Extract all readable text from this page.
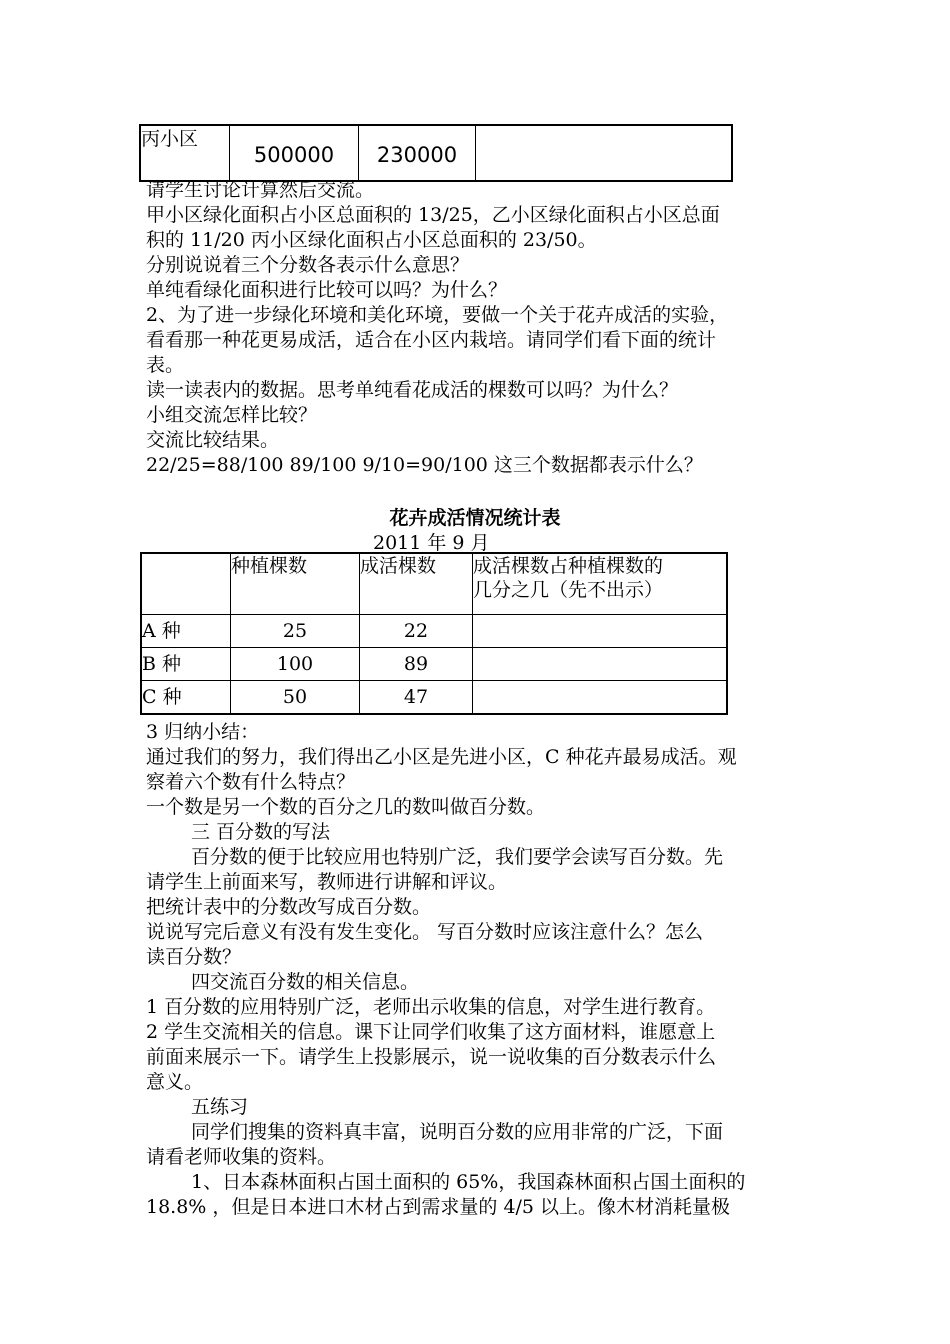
丙小区	500000	230000	
请学生讨论计算然后交流。
甲小区绿化面积占小区总面积的 13/25，乙小区绿化面积占小区总面
积的 11/20 丙小区绿化面积占小区总面积的 23/50。
分别说说着三个分数各表示什么意思？
单纯看绿化面积进行比较可以吗？为什么？
2、为了进一步绿化环境和美化环境，要做一个关于花卉成活的实验，
看看那一种花更易成活，适合在小区内栽培。请同学们看下面的统计
表。
读一读表内的数据。思考单纯看花成活的棵数可以吗？为什么？
小组交流怎样比较？
交流比较结果。
22/25=88/100 89/100 9/10=90/100 这三个数据都表示什么？
花卉成活情况统计表
2011 年 9 月
	种植棵数	成活棵数	成活棵数占种植棵数的
几分之几（先不出示）

A 种	25	22	
B 种	100	89	
C 种	50	47	
3 归纳小结：
通过我们的努力，我们得出乙小区是先进小区，C 种花卉最易成活。观
察着六个数有什么特点？
一个数是另一个数的百分之几的数叫做百分数。
三 百分数的写法
百分数的便于比较应用也特别广泛，我们要学会读写百分数。先
请学生上前面来写，教师进行讲解和评议。
把统计表中的分数改写成百分数。
说说写完后意义有没有发生变化。 写百分数时应该注意什么？怎么
读百分数？
四交流百分数的相关信息。
1 百分数的应用特别广泛，老师出示收集的信息，对学生进行教育。
2 学生交流相关的信息。课下让同学们收集了这方面材料，谁愿意上
前面来展示一下。请学生上投影展示，说一说收集的百分数表示什么
意义。
五练习
同学们搜集的资料真丰富，说明百分数的应用非常的广泛，下面
请看老师收集的资料。
1、日本森林面积占国土面积的 65%，我国森林面积占国土面积的
18.8% ，但是日本进口木材占到需求量的 4/5 以上。像木材消耗量极
